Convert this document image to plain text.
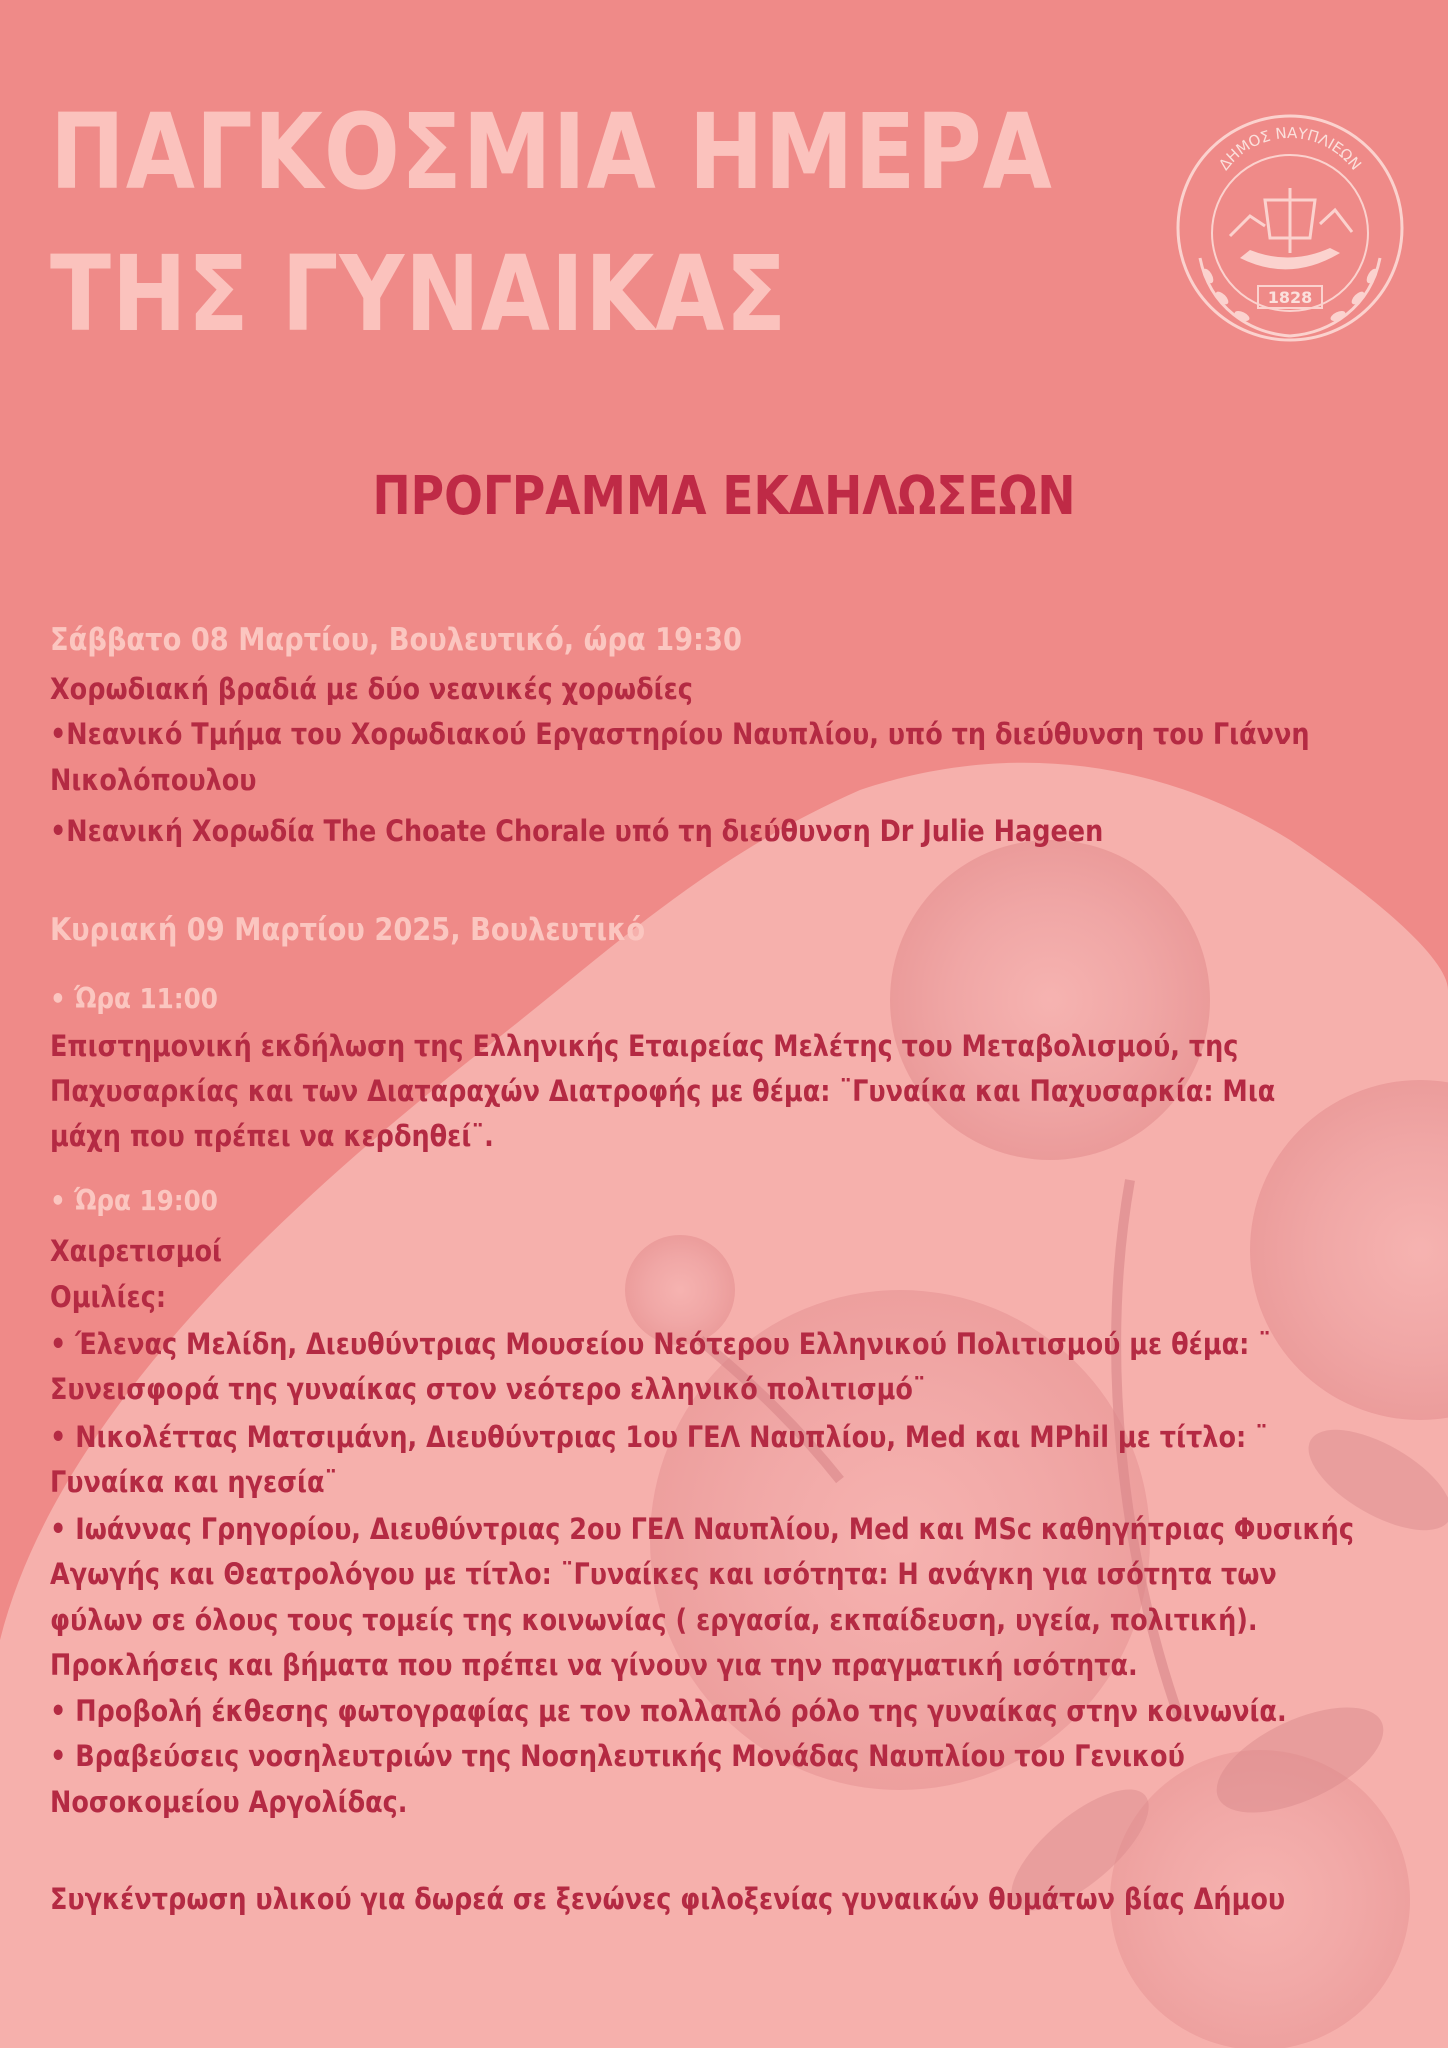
ΠΑΓΚΟΣΜΙΑ ΗΜΕΡΑ
ΤΗΣ ΓΥΝΑΙΚΑΣ
ΔΗΜΟΣ ΝΑΥΠΛΙΕΩΝ
1828
ΠΡΟΓΡΑΜΜΑ ΕΚΔΗΛΩΣΕΩΝ

Σάββατο 08 Μαρτίου, Βουλευτικό, ώρα 19:30

Χορωδιακή βραδιά με δύο νεανικές χορωδίες

•Νεανικό Τμήμα του Χορωδιακού Εργαστηρίου Ναυπλίου, υπό τη διεύθυνση του Γιάννη

Νικολόπουλου

•Νεανική Χορωδία The Choate Chorale υπό τη διεύθυνση Dr Julie Hageen

Κυριακή 09 Μαρτίου 2025, Βουλευτικό

• Ώρα 11:00

Επιστημονική εκδήλωση της Ελληνικής Εταιρείας Μελέτης του Μεταβολισμού, της

Παχυσαρκίας και των Διαταραχών Διατροφής με θέμα: ¨Γυναίκα και Παχυσαρκία: Μια

μάχη που πρέπει να κερδηθεί¨.

• Ώρα 19:00

Χαιρετισμοί

Ομιλίες:

• Έλενας Μελίδη, Διευθύντριας Μουσείου Νεότερου Ελληνικού Πολιτισμού με θέμα: ¨

Συνεισφορά της γυναίκας στον νεότερο ελληνικό πολιτισμό¨

• Νικολέττας Ματσιμάνη, Διευθύντριας 1ου ΓΕΛ Ναυπλίου, Med και MPhil με τίτλο: ¨

Γυναίκα και ηγεσία¨

• Ιωάννας Γρηγορίου, Διευθύντριας 2ου ΓΕΛ Ναυπλίου, Med και MSc καθηγήτριας Φυσικής

Αγωγής και Θεατρολόγου με τίτλο: ¨Γυναίκες και ισότητα: Η ανάγκη για ισότητα των

φύλων σε όλους τους τομείς της κοινωνίας ( εργασία, εκπαίδευση, υγεία, πολιτική).

Προκλήσεις και βήματα που πρέπει να γίνουν για την πραγματική ισότητα.

• Προβολή έκθεσης φωτογραφίας με τον πολλαπλό ρόλο της γυναίκας στην κοινωνία.

• Βραβεύσεις νοσηλευτριών της Νοσηλευτικής Μονάδας Ναυπλίου του Γενικού

Νοσοκομείου Αργολίδας.

Συγκέντρωση υλικού για δωρεά σε ξενώνες φιλοξενίας γυναικών θυμάτων βίας Δήμου
